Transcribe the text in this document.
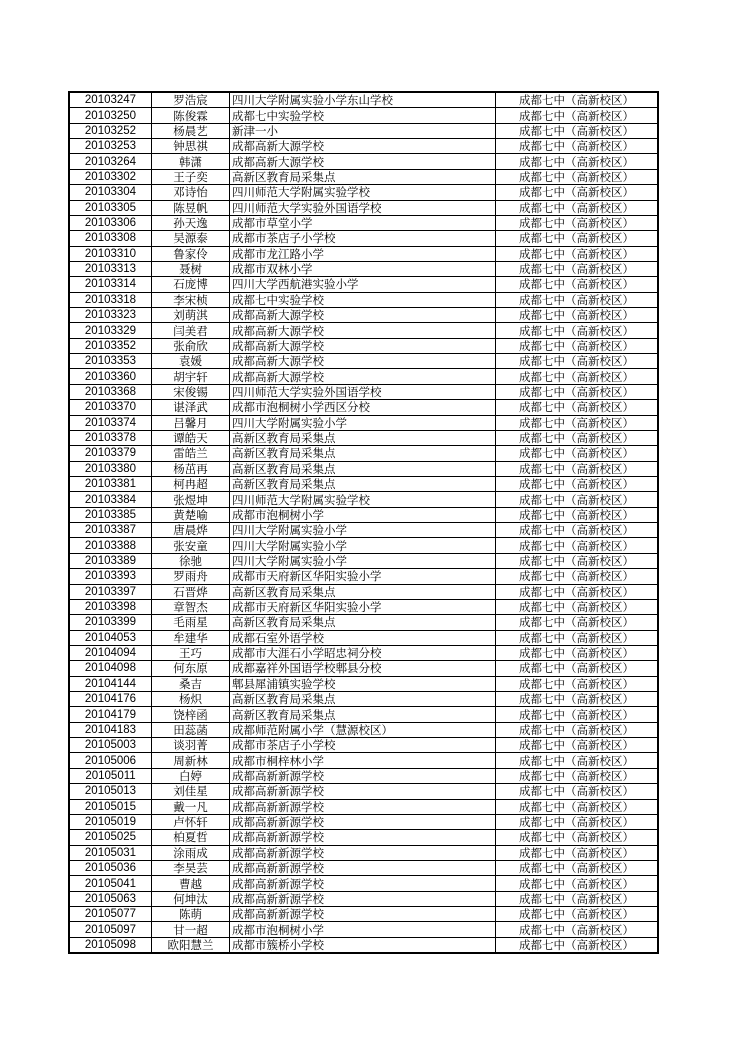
20103247	罗浩宸	四川大学附属实验小学东山学校	成都七中（高新校区）
20103250	陈俊霖	成都七中实验学校	成都七中（高新校区）
20103252	杨晨艺	新津一小	成都七中（高新校区）
20103253	钟思祺	成都高新大源学校	成都七中（高新校区）
20103264	韩潇	成都高新大源学校	成都七中（高新校区）
20103302	王子奕	高新区教育局采集点	成都七中（高新校区）
20103304	邓诗怡	四川师范大学附属实验学校	成都七中（高新校区）
20103305	陈昱帆	四川师范大学实验外国语学校	成都七中（高新校区）
20103306	孙天逸	成都市草堂小学	成都七中（高新校区）
20103308	吴源泰	成都市茶店子小学校	成都七中（高新校区）
20103310	鲁家伶	成都市龙江路小学	成都七中（高新校区）
20103313	聂树	成都市双林小学	成都七中（高新校区）
20103314	石庞博	四川大学西航港实验小学	成都七中（高新校区）
20103318	李宋桢	成都七中实验学校	成都七中（高新校区）
20103323	刘萌淇	成都高新大源学校	成都七中（高新校区）
20103329	闫美君	成都高新大源学校	成都七中（高新校区）
20103352	张俞欣	成都高新大源学校	成都七中（高新校区）
20103353	袁媛	成都高新大源学校	成都七中（高新校区）
20103360	胡宇轩	成都高新大源学校	成都七中（高新校区）
20103368	宋俊锡	四川师范大学实验外国语学校	成都七中（高新校区）
20103370	谌泽武	成都市泡桐树小学西区分校	成都七中（高新校区）
20103374	吕馨月	四川大学附属实验小学	成都七中（高新校区）
20103378	谭皓天	高新区教育局采集点	成都七中（高新校区）
20103379	雷皓兰	高新区教育局采集点	成都七中（高新校区）
20103380	杨茁再	高新区教育局采集点	成都七中（高新校区）
20103381	柯冉超	高新区教育局采集点	成都七中（高新校区）
20103384	张煜坤	四川师范大学附属实验学校	成都七中（高新校区）
20103385	黄楚喻	成都市泡桐树小学	成都七中（高新校区）
20103387	唐晨烨	四川大学附属实验小学	成都七中（高新校区）
20103388	张安童	四川大学附属实验小学	成都七中（高新校区）
20103389	徐驰	四川大学附属实验小学	成都七中（高新校区）
20103393	罗雨舟	成都市天府新区华阳实验小学	成都七中（高新校区）
20103397	石晋烨	高新区教育局采集点	成都七中（高新校区）
20103398	章智杰	成都市天府新区华阳实验小学	成都七中（高新校区）
20103399	毛雨星	高新区教育局采集点	成都七中（高新校区）
20104053	牟建华	成都石室外语学校	成都七中（高新校区）
20104094	王巧	成都市大涯石小学昭忠祠分校	成都七中（高新校区）
20104098	何东原	成都嘉祥外国语学校郫县分校	成都七中（高新校区）
20104144	桑吉	郫县犀浦镇实验学校	成都七中（高新校区）
20104176	杨炽	高新区教育局采集点	成都七中（高新校区）
20104179	饶梓函	高新区教育局采集点	成都七中（高新校区）
20104183	田蕊菡	成都师范附属小学（慧源校区）	成都七中（高新校区）
20105003	谈羽菁	成都市茶店子小学校	成都七中（高新校区）
20105006	周新林	成都市桐梓林小学	成都七中（高新校区）
20105011	白婷	成都高新新源学校	成都七中（高新校区）
20105013	刘佳星	成都高新新源学校	成都七中（高新校区）
20105015	戴一凡	成都高新新源学校	成都七中（高新校区）
20105019	卢怀轩	成都高新新源学校	成都七中（高新校区）
20105025	柏夏哲	成都高新新源学校	成都七中（高新校区）
20105031	涂雨成	成都高新新源学校	成都七中（高新校区）
20105036	李昊芸	成都高新新源学校	成都七中（高新校区）
20105041	曹越	成都高新新源学校	成都七中（高新校区）
20105063	何坤汰	成都高新新源学校	成都七中（高新校区）
20105077	陈萌	成都高新新源学校	成都七中（高新校区）
20105097	甘一超	成都市泡桐树小学	成都七中（高新校区）
20105098	欧阳慧兰	成都市簇桥小学校	成都七中（高新校区）
